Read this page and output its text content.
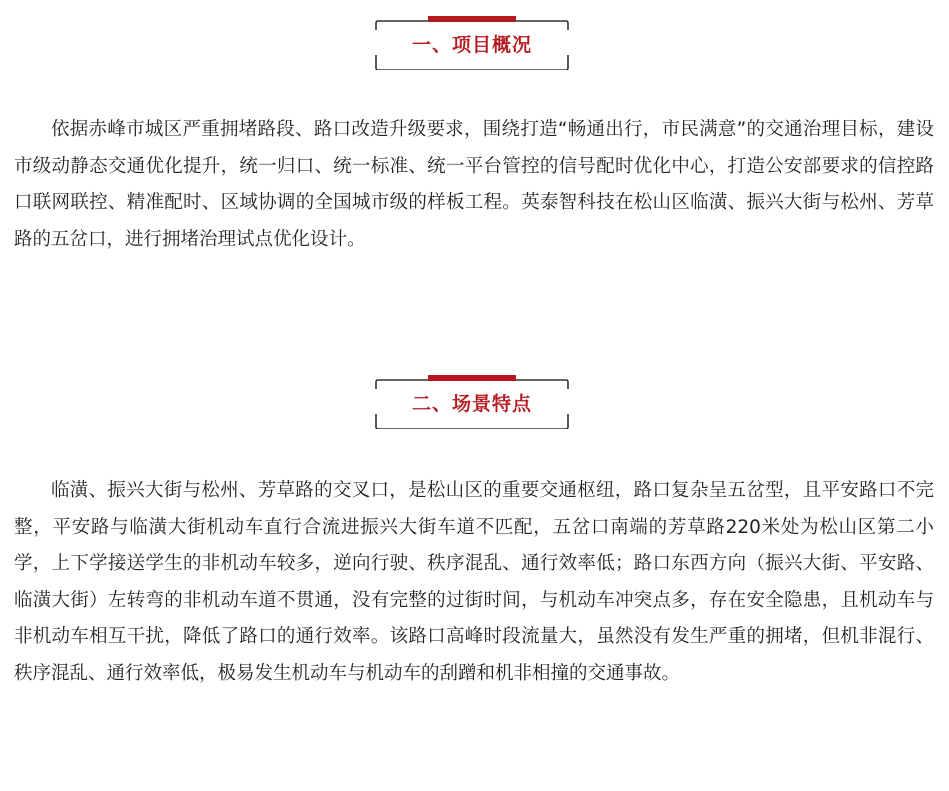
一、项目概况

依据赤峰市城区严重拥堵路段、路口改造升级要求，围绕打造“畅通出行，市民满意”的交通治理目标，建设市级动静态交通优化提升，统一归口、统一标准、统一平台管控的信号配时优化中心，打造公安部要求的信控路口联网联控、精准配时、区域协调的全国城市级的样板工程。英泰智科技在松山区临潢、振兴大街与松州、芳草路的五岔口，进行拥堵治理试点优化设计。

二、场景特点

临潢、振兴大街与松州、芳草路的交叉口，是松山区的重要交通枢纽，路口复杂呈五岔型，且平安路口不完整，平安路与临潢大街机动车直行合流进振兴大街车道不匹配，五岔口南端的芳草路220米处为松山区第二小学，上下学接送学生的非机动车较多，逆向行驶、秩序混乱、通行效率低；路口东西方向（振兴大街、平安路、临潢大街）左转弯的非机动车道不贯通，没有完整的过街时间，与机动车冲突点多，存在安全隐患，且机动车与非机动车相互干扰，降低了路口的通行效率。该路口高峰时段流量大，虽然没有发生严重的拥堵，但机非混行、秩序混乱、通行效率低，极易发生机动车与机动车的刮蹭和机非相撞的交通事故。
